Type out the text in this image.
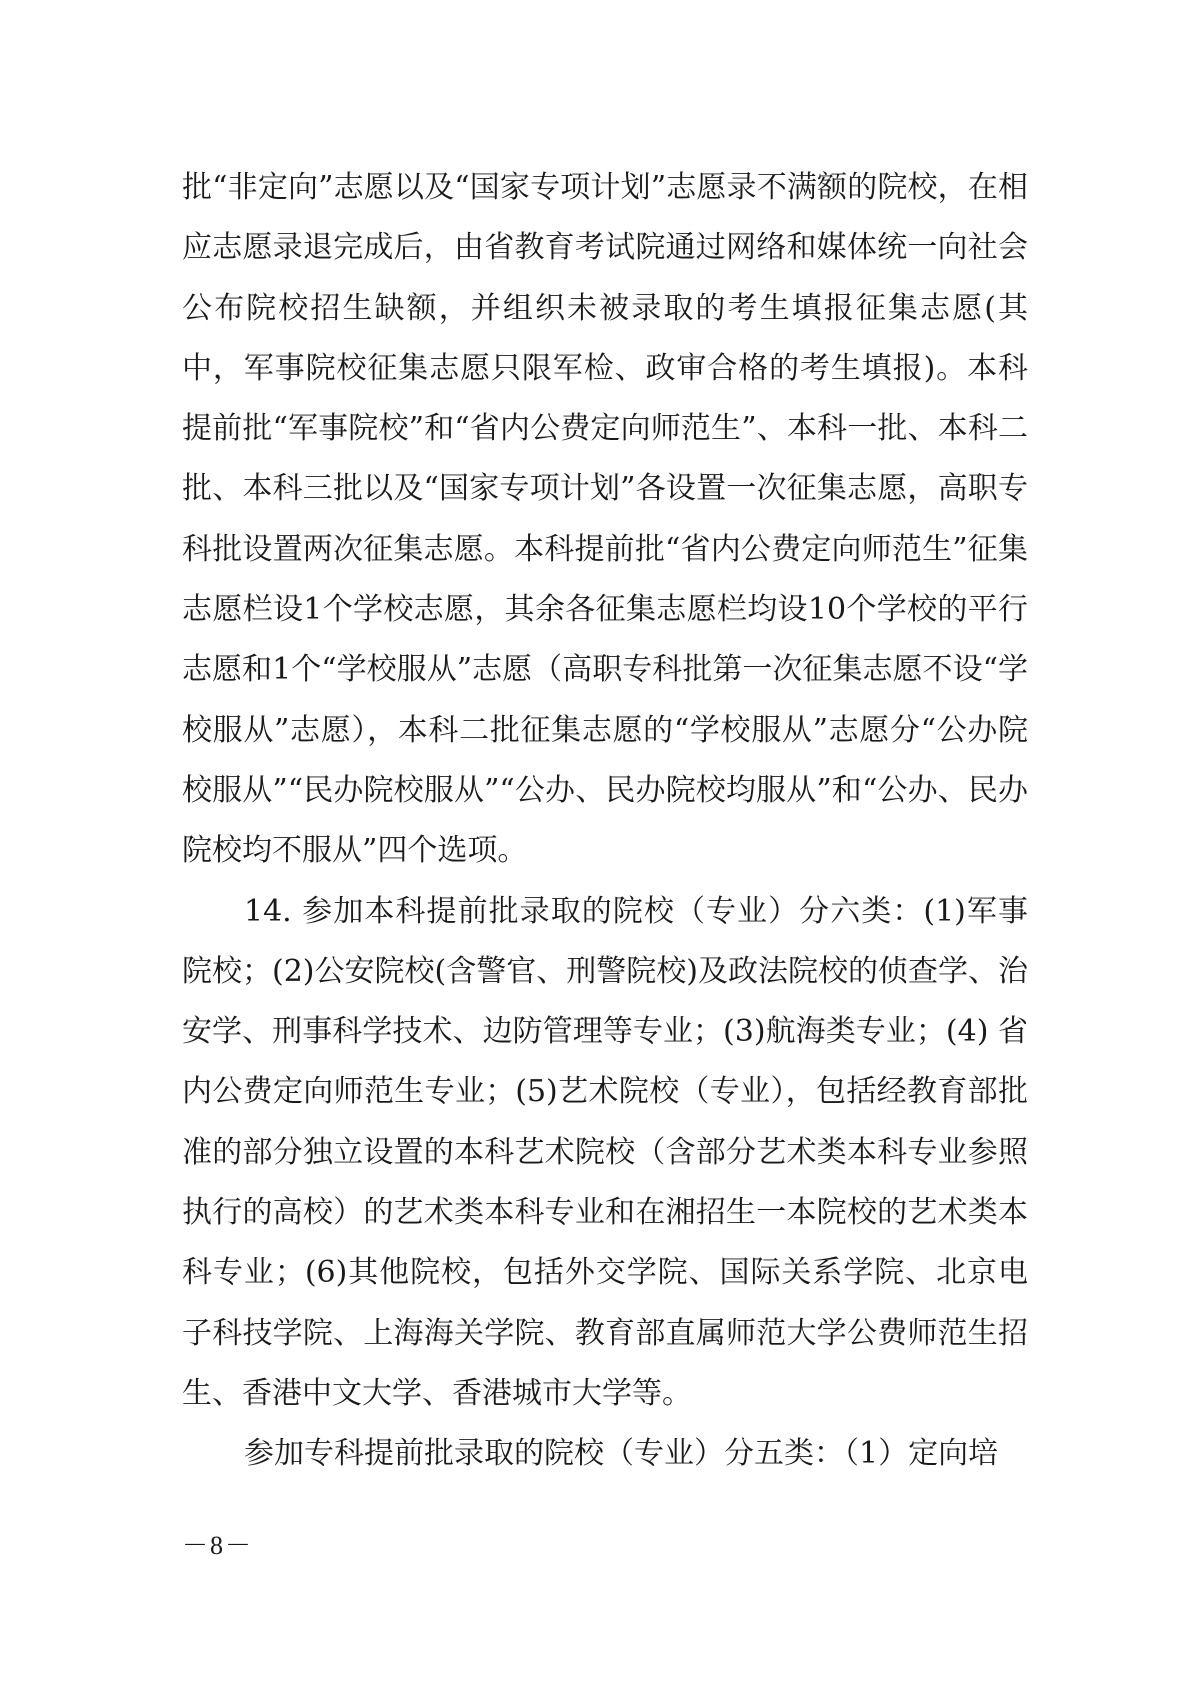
批“非定向”志愿以及“国家专项计划”志愿录不满额的院校，在相应志愿录退完成后，由省教育考试院通过网络和媒体统一向社会公布院校招生缺额，并组织未被录取的考生填报征集志愿(其中，军事院校征集志愿只限军检、政审合格的考生填报)。本科提前批“军事院校”和“省内公费定向师范生”、本科一批、本科二批、本科三批以及“国家专项计划”各设置一次征集志愿，高职专科批设置两次征集志愿。本科提前批“省内公费定向师范生”征集志愿栏设1个学校志愿，其余各征集志愿栏均设10个学校的平行志愿和1个“学校服从”志愿（高职专科批第一次征集志愿不设“学校服从”志愿），本科二批征集志愿的“学校服从”志愿分“公办院校服从”“民办院校服从”“公办、民办院校均服从”和“公办、民办院校均不服从”四个选项。

14. 参加本科提前批录取的院校（专业）分六类：(1)军事院校；(2)公安院校(含警官、刑警院校)及政法院校的侦查学、治安学、刑事科学技术、边防管理等专业；(3)航海类专业；(4) 省内公费定向师范生专业；(5)艺术院校（专业），包括经教育部批准的部分独立设置的本科艺术院校（含部分艺术类本科专业参照执行的高校）的艺术类本科专业和在湘招生一本院校的艺术类本科专业；(6)其他院校，包括外交学院、国际关系学院、北京电子科技学院、上海海关学院、教育部直属师范大学公费师范生招生、香港中文大学、香港城市大学等。

参加专科提前批录取的院校（专业）分五类：（1）定向培

－8－
